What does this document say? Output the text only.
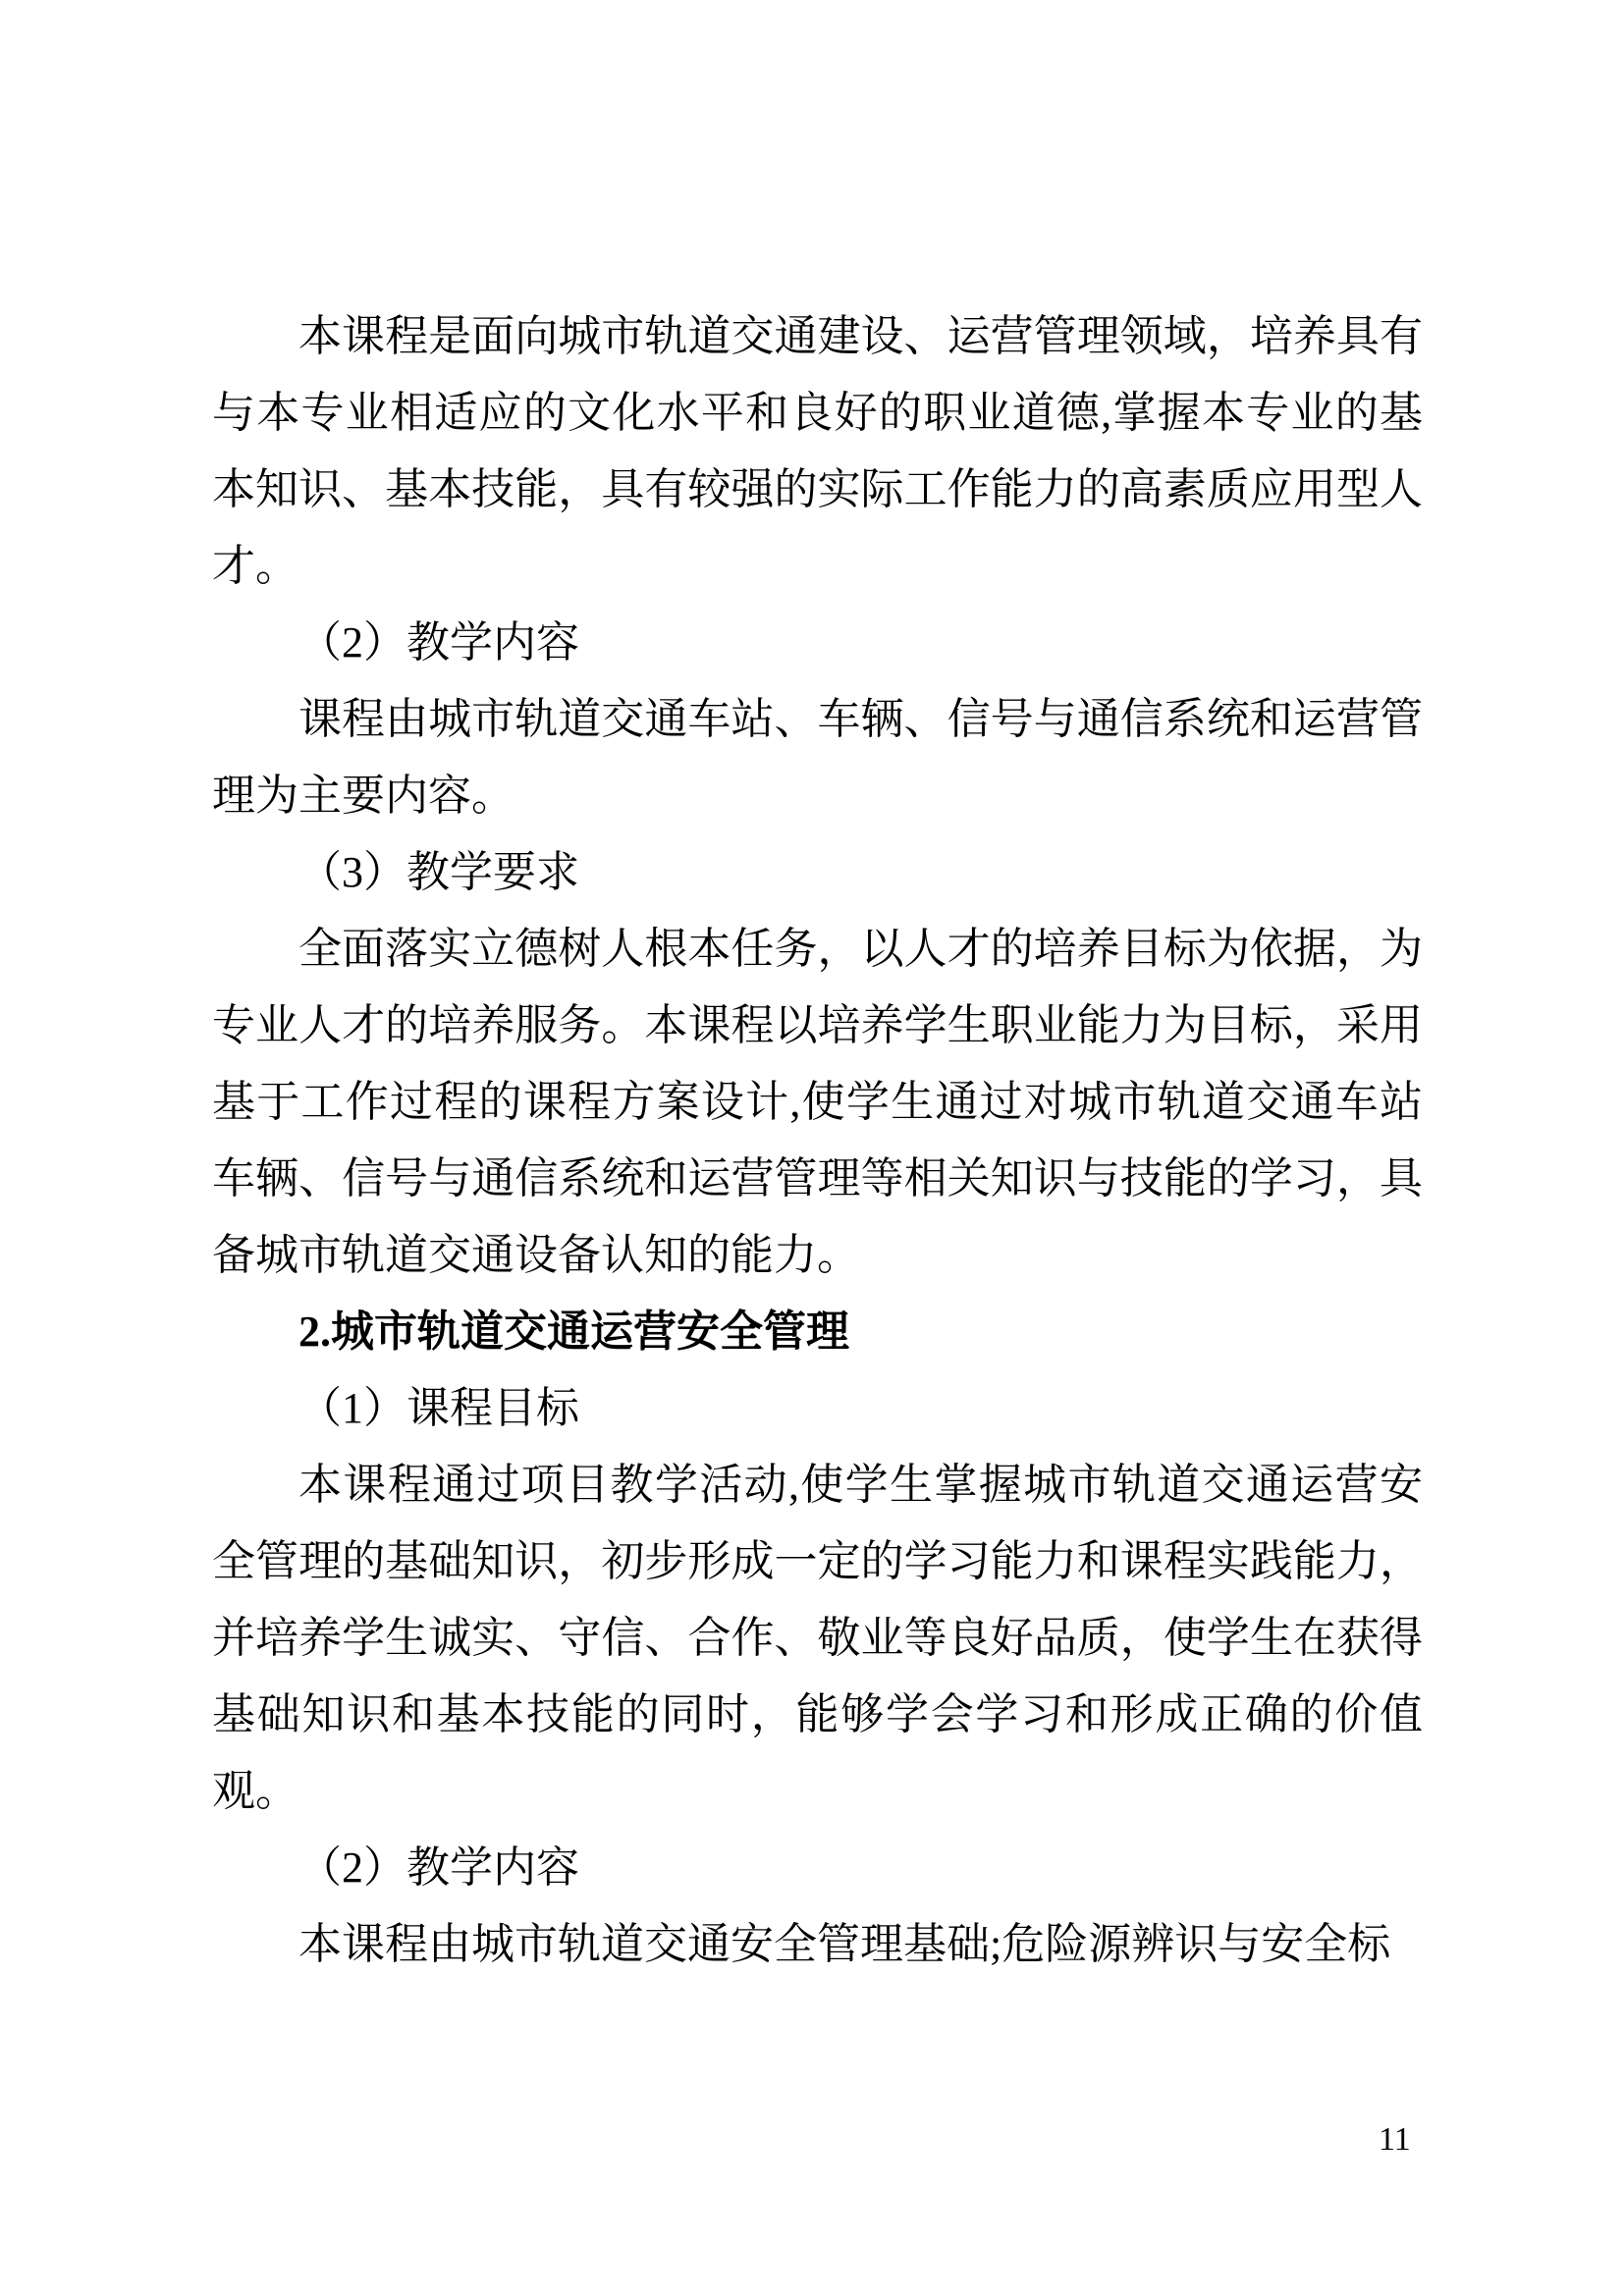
本课程是面向城市轨道交通建设、运营管理领域，培养具有与本专业相适应的文化水平和良好的职业道德,掌握本专业的基本知识、基本技能，具有较强的实际工作能力的高素质应用型人才。

（2）教学内容

课程由城市轨道交通车站、车辆、信号与通信系统和运营管理为主要内容。

（3）教学要求

全面落实立德树人根本任务，以人才的培养目标为依据，为专业人才的培养服务。本课程以培养学生职业能力为目标，采用基于工作过程的课程方案设计,使学生通过对城市轨道交通车站车辆、信号与通信系统和运营管理等相关知识与技能的学习，具备城市轨道交通设备认知的能力。

2.城市轨道交通运营安全管理

（1）课程目标

本课程通过项目教学活动,使学生掌握城市轨道交通运营安全管理的基础知识，初步形成一定的学习能力和课程实践能力，并培养学生诚实、守信、合作、敬业等良好品质，使学生在获得基础知识和基本技能的同时，能够学会学习和形成正确的价值观。

（2）教学内容

本课程由城市轨道交通安全管理基础;危险源辨识与安全标

11
